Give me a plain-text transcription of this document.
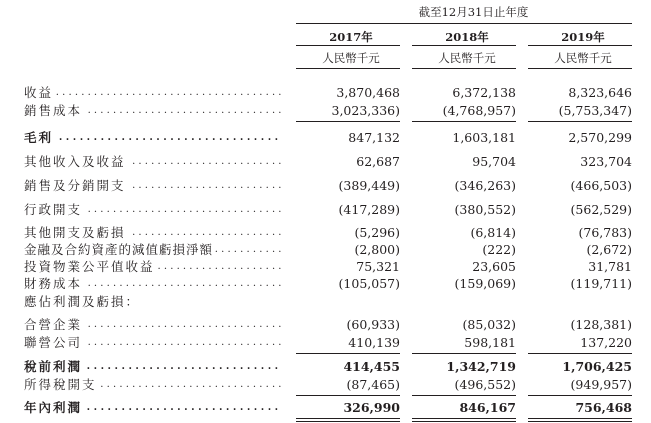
截至12月31日止年度
2017年	2018年	2019年
人民幣千元	人民幣千元	人民幣千元
收益 . . .	3,870,468	6,372,138	8,323,646
銷售成本 . . .	3,023,336)	(4,768,957)	(5,753,347)
毛利 . . .	847,132	1,603,181	2,570,299
其他收入及收益 . . .	62,687	95,704	323,704
銷售及分銷開支 . . .	(389,449)	(346,263)	(466,503)
行政開支 . . .	(417,289)	(380,552)	(562,529)
其他開支及虧損 . . .	(5,296)	(6,814)	(76,783)
金融及合約資產的減值虧損淨額 . . .	(2,800)	(222)	(2,672)
投資物業公平值收益 . . .	75,321	23,605	31,781
財務成本 . . .	(105,057)	(159,069)	(119,711)
應佔利潤及虧損：
合營企業 . . .	(60,933)	(85,032)	(128,381)
聯營公司 . . .	410,139	598,181	137,220
稅前利潤 . . .	414,455	1,342,719	1,706,425
所得稅開支 . . .	(87,465)	(496,552)	(949,957)
年內利潤 . . .	326,990	846,167	756,468
